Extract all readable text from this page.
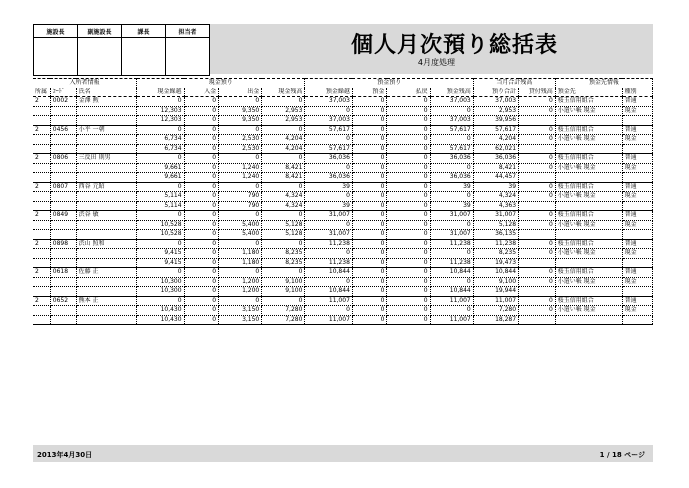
施設長	副施設長	課長	担当者	個人月次預り総括表
4月度処理
入所者情報			現金預り				預金預り				当月合計残高		預金先情報	
所属	ｺｰﾄﾞ	氏名	現金繰越	入金	出金	現金残高	預金繰越	預金	払戻	預金残高	預り合計	貸付残高	預金先	種別
2	0002	金澤 勲	0	0	0	0	37,003	0	0	37,003	37,003	0	桜玉信用組合	普通
			12,303	0	9,350	2,953	0	0	0	0	2,953	0	小遣い帳 現金	現金
			12,303	0	9,350	2,953	37,003	0	0	37,003	39,956			
2	0456	小平 一朝	0	0	0	0	57,617	0	0	57,617	57,617	0	桜玉信用組合	普通
			6,734	0	2,530	4,204	0	0	0	0	4,204	0	小遣い帳 現金	現金
			6,734	0	2,530	4,204	57,617	0	0	57,617	62,021			
2	0806	三反田 則男	0	0	0	0	36,036	0	0	36,036	36,036	0	桜玉信用組合	普通
			9,661	0	1,240	8,421	0	0	0	0	8,421	0	小遣い帳 現金	現金
			9,661	0	1,240	8,421	36,036	0	0	36,036	44,457			
2	0807	西谷 元昭	0	0	0	0	39	0	0	39	39	0	桜玉信用組合	普通
			5,114	0	790	4,324	0	0	0	0	4,324	0	小遣い帳 現金	現金
			5,114	0	790	4,324	39	0	0	39	4,363			
2	0849	渋谷 敏	0	0	0	0	31,007	0	0	31,007	31,007	0	桜玉信用組合	普通
			10,528	0	5,400	5,128	0	0	0	0	5,128	0	小遣い帳 現金	現金
			10,528	0	5,400	5,128	31,007	0	0	31,007	36,135			
2	0898	渋山 照和	0	0	0	0	11,238	0	0	11,238	11,238	0	桜玉信用組合	普通
			9,415	0	1,180	8,235	0	0	0	0	8,235	0	小遣い帳 現金	現金
			9,415	0	1,180	8,235	11,238	0	0	11,238	19,473			
2	0618	佐藤 正	0	0	0	0	10,844	0	0	10,844	10,844	0	桜玉信用組合	普通
			10,300	0	1,200	9,100	0	0	0	0	9,100	0	小遣い帳 現金	現金
			10,300	0	1,200	9,100	10,844	0	0	10,844	19,944			
2	0652	熊本 正	0	0	0	0	11,007	0	0	11,007	11,007	0	桜玉信用組合	普通
			10,430	0	3,150	7,280	0	0	0	0	7,280	0	小遣い帳 現金	現金
			10,430	0	3,150	7,280	11,007	0	0	11,007	18,287			
2013年4月30日	1 / 18 ページ
